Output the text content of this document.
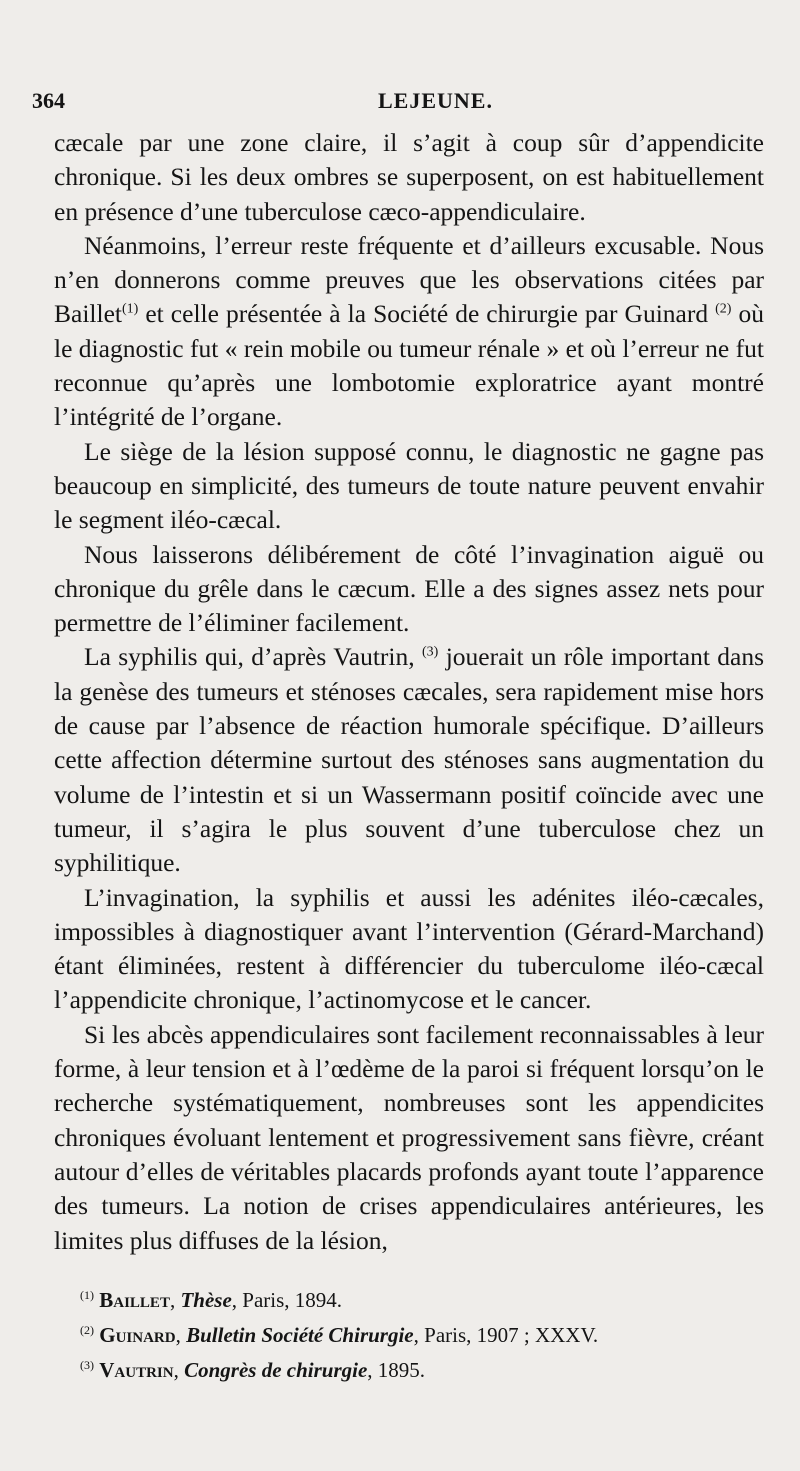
364	LEJEUNE.

cæcale par une zone claire, il s’agit à coup sûr d’appendicite chronique. Si les deux ombres se superposent, on est habituellement en présence d’une tuberculose cæco-appendiculaire.

Néanmoins, l’erreur reste fréquente et d’ailleurs excusable. Nous n’en donnerons comme preuves que les observations citées par Baillet$^{(1)}$ et celle présentée à la Société de chirurgie par Guinard $^{(2)}$ où le diagnostic fut « rein mobile ou tumeur rénale » et où l’erreur ne fut reconnue qu’après une lombotomie exploratrice ayant montré l’intégrité de l’organe.

Le siège de la lésion supposé connu, le diagnostic ne gagne pas beaucoup en simplicité, des tumeurs de toute nature peuvent envahir le segment iléo-cæcal.

Nous laisserons délibérement de côté l’invagination aiguë ou chronique du grêle dans le cæcum. Elle a des signes assez nets pour permettre de l’éliminer facilement.

La syphilis qui, d’après Vautrin, $^{(3)}$ jouerait un rôle important dans la genèse des tumeurs et sténoses cæcales, sera rapidement mise hors de cause par l’absence de réaction humorale spécifique. D’ailleurs cette affection détermine surtout des sténoses sans augmentation du volume de l’intestin et si un Wassermann positif coïncide avec une tumeur, il s’agira le plus souvent d’une tuberculose chez un syphilitique.

L’invagination, la syphilis et aussi les adénites iléo-cæcales, impossibles à diagnostiquer avant l’intervention (Gérard-Marchand) étant éliminées, restent à différencier du tuberculome iléo-cæcal l’appendicite chronique, l’actinomycose et le cancer.

Si les abcès appendiculaires sont facilement reconnaissables à leur forme, à leur tension et à l’œdème de la paroi si fréquent lorsqu’on le recherche systématiquement, nombreuses sont les appendicites chroniques évoluant lentement et progressivement sans fièvre, créant autour d’elles de véritables placards profonds ayant toute l’apparence des tumeurs. La notion de crises appendiculaires antérieures, les limites plus diffuses de la lésion,

$^{(1)}$ Baillet, Thèse, Paris, 1894.
$^{(2)}$ Guinard, Bulletin Société Chirurgie, Paris, 1907 ; XXXV.
$^{(3)}$ Vautrin, Congrès de chirurgie, 1895.
